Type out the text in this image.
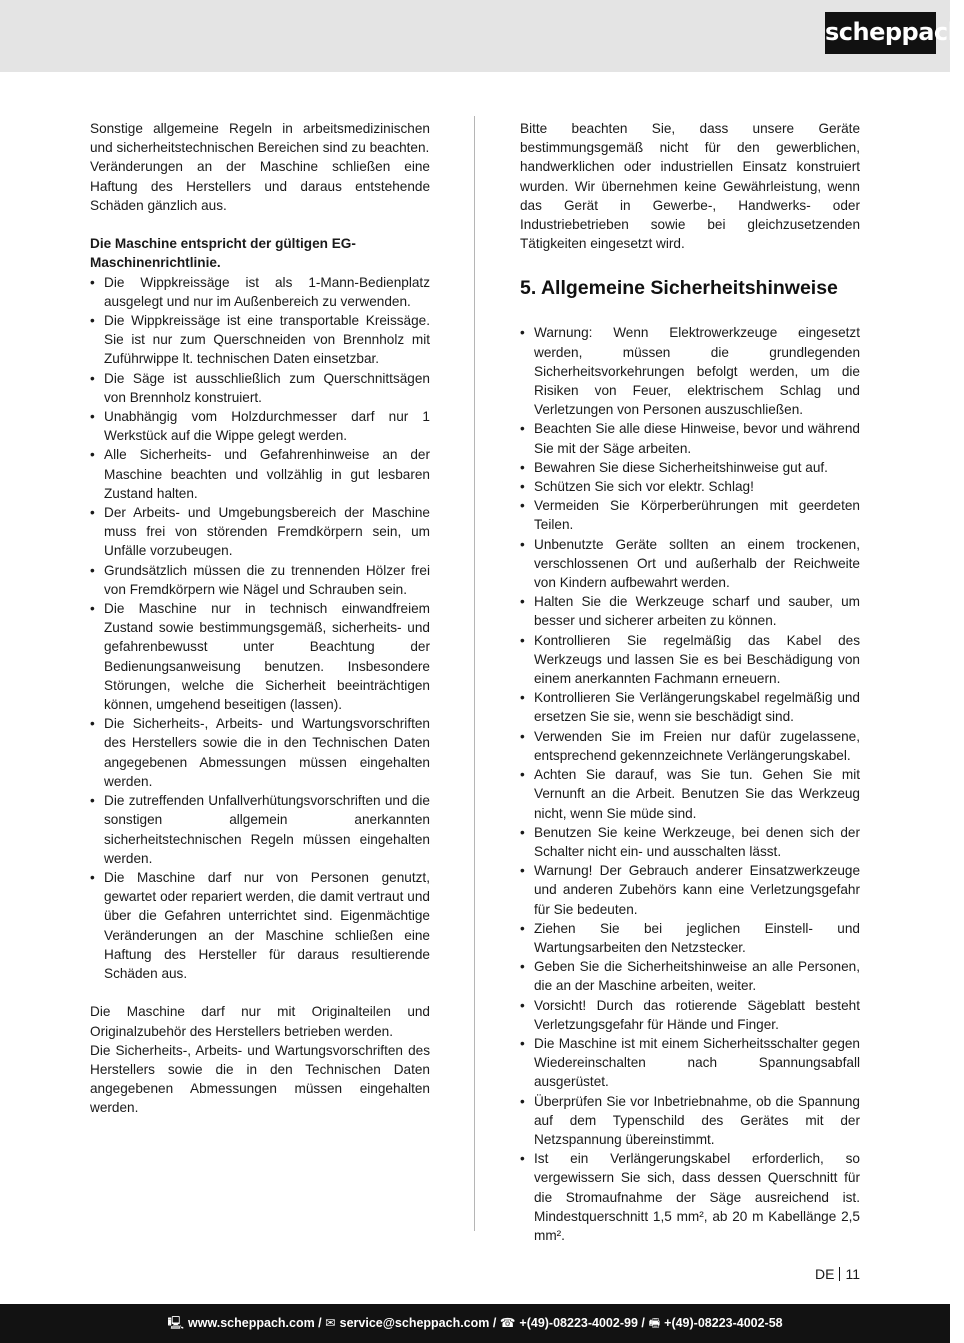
scheppach

Sonstige allgemeine Regeln in arbeitsmedizinischen und sicherheitstechnischen Bereichen sind zu beachten.

Veränderungen an der Maschine schließen eine Haftung des Herstellers und daraus entstehende Schäden gänzlich aus.

Die Maschine entspricht der gültigen EG-Maschinenrichtlinie.

• Die Wippkreissäge ist als 1-Mann-Bedienplatz ausgelegt und nur im Außenbereich zu verwenden.
• Die Wippkreissäge ist eine transportable Kreissäge. Sie ist nur zum Querschneiden von Brennholz mit Zuführwippe lt. technischen Daten einsetzbar.
• Die Säge ist ausschließlich zum Querschnittsägen von Brennholz konstruiert.
• Unabhängig vom Holzdurchmesser darf nur 1 Werkstück auf die Wippe gelegt werden.
• Alle Sicherheits- und Gefahrenhinweise an der Maschine beachten und vollzählig in gut lesbaren Zustand halten.
• Der Arbeits- und Umgebungsbereich der Maschine muss frei von störenden Fremdkörpern sein, um Unfälle vorzubeugen.
• Grundsätzlich müssen die zu trennenden Hölzer frei von Fremdkörpern wie Nägel und Schrauben sein.
• Die Maschine nur in technisch einwandfreiem Zustand sowie bestimmungsgemäß, sicherheits- und gefahrenbewusst unter Beachtung der Bedienungsanweisung benutzen. Insbesondere Störungen, welche die Sicherheit beeinträchtigen können, umgehend beseitigen (lassen).
• Die Sicherheits-, Arbeits- und Wartungsvorschriften des Herstellers sowie die in den Technischen Daten angegebenen Abmessungen müssen eingehalten werden.
• Die zutreffenden Unfallverhütungsvorschriften und die sonstigen allgemein anerkannten sicherheitstechnischen Regeln müssen eingehalten werden.
• Die Maschine darf nur von Personen genutzt, gewartet oder repariert werden, die damit vertraut und über die Gefahren unterrichtet sind. Eigenmächtige Veränderungen an der Maschine schließen eine Haftung des Hersteller für daraus resultierende Schäden aus.

Die Maschine darf nur mit Originalteilen und Originalzubehör des Herstellers betrieben werden.

Die Sicherheits-, Arbeits- und Wartungsvorschriften des Herstellers sowie die in den Technischen Daten angegebenen Abmessungen müssen eingehalten werden.

Bitte beachten Sie, dass unsere Geräte bestimmungsgemäß nicht für den gewerblichen, handwerklichen oder industriellen Einsatz konstruiert wurden. Wir übernehmen keine Gewährleistung, wenn das Gerät in Gewerbe-, Handwerks- oder Industriebetrieben sowie bei gleichzusetzenden Tätigkeiten eingesetzt wird.

5. Allgemeine Sicherheitshinweise
• Warnung: Wenn Elektrowerkzeuge eingesetzt werden, müssen die grundlegenden Sicherheitsvorkehrungen befolgt werden, um die Risiken von Feuer, elektrischem Schlag und Verletzungen von Personen auszuschließen.
• Beachten Sie alle diese Hinweise, bevor und während Sie mit der Säge arbeiten.
• Bewahren Sie diese Sicherheitshinweise gut auf.
• Schützen Sie sich vor elektr. Schlag!
• Vermeiden Sie Körperberührungen mit geerdeten Teilen.
• Unbenutzte Geräte sollten an einem trockenen, verschlossenen Ort und außerhalb der Reichweite von Kindern aufbewahrt werden.
• Halten Sie die Werkzeuge scharf und sauber, um besser und sicherer arbeiten zu können.
• Kontrollieren Sie regelmäßig das Kabel des Werkzeugs und lassen Sie es bei Beschädigung von einem anerkannten Fachmann erneuern.
• Kontrollieren Sie Verlängerungskabel regelmäßig und ersetzen Sie sie, wenn sie beschädigt sind.
• Verwenden Sie im Freien nur dafür zugelassene, entsprechend gekennzeichnete Verlängerungskabel.
• Achten Sie darauf, was Sie tun. Gehen Sie mit Vernunft an die Arbeit. Benutzen Sie das Werkzeug nicht, wenn Sie müde sind.
• Benutzen Sie keine Werkzeuge, bei denen sich der Schalter nicht ein- und ausschalten lässt.
• Warnung! Der Gebrauch anderer Einsatzwerkzeuge und anderen Zubehörs kann eine Verletzungsgefahr für Sie bedeuten.
• Ziehen Sie bei jeglichen Einstell- und Wartungsarbeiten den Netzstecker.
• Geben Sie die Sicherheitshinweise an alle Personen, die an der Maschine arbeiten, weiter.
• Vorsicht! Durch das rotierende Sägeblatt besteht Verletzungsgefahr für Hände und Finger.
• Die Maschine ist mit einem Sicherheitsschalter gegen Wiedereinschalten nach Spannungsabfall ausgerüstet.
• Überprüfen Sie vor Inbetriebnahme, ob die Spannung auf dem Typenschild des Gerätes mit der Netzspannung übereinstimmt.
• Ist ein Verlängerungskabel erforderlich, so vergewissern Sie sich, dass dessen Querschnitt für die Stromaufnahme der Säge ausreichend ist. Mindestquerschnitt 1,5 mm², ab 20 m Kabellänge 2,5 mm².
DE 11
🖳 www.scheppach.com / ✉ service@scheppach.com / ☎ +(49)-08223-4002-99 / 🖷 +(49)-08223-4002-58
